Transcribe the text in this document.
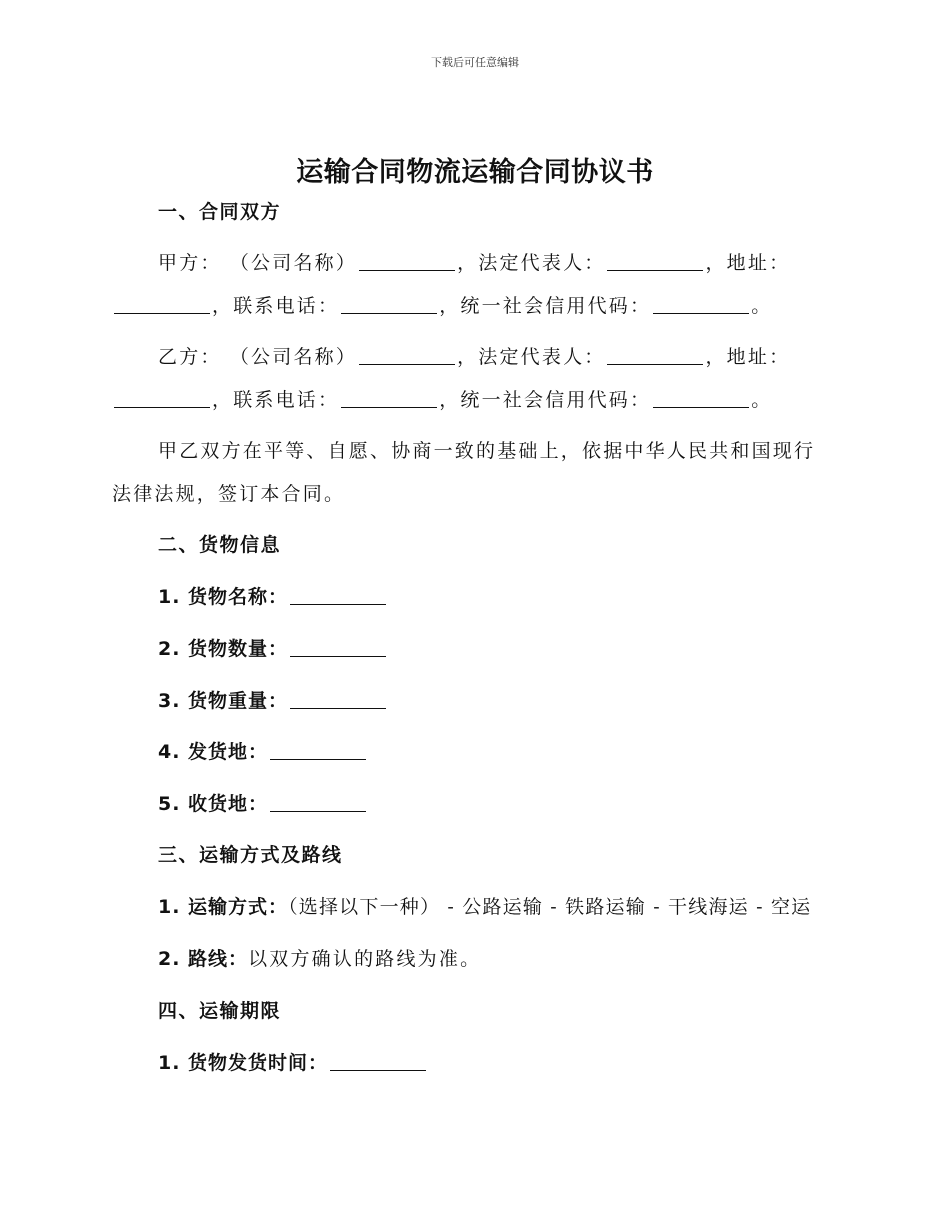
下载后可任意编辑
运输合同物流运输合同协议书
一、合同双方
甲方： （公司名称）	，法定代表人：	，地址：
，联系电话：	，统一社会信用代码：	。
乙方： （公司名称）	，法定代表人：	，地址：
，联系电话：	，统一社会信用代码：	。
甲乙双方在平等、自愿、协商一致的基础上，依据中华人民共和国现行
法律法规，签订本合同。
二、货物信息
1. 货物名称：
2. 货物数量：
3. 货物重量：
4. 发货地：
5. 收货地：
三、运输方式及路线
1. 运输方式：（选择以下一种） - 公路运输 - 铁路运输 - 干线海运 - 空运
2. 路线：以双方确认的路线为准。
四、运输期限
1. 货物发货时间：
